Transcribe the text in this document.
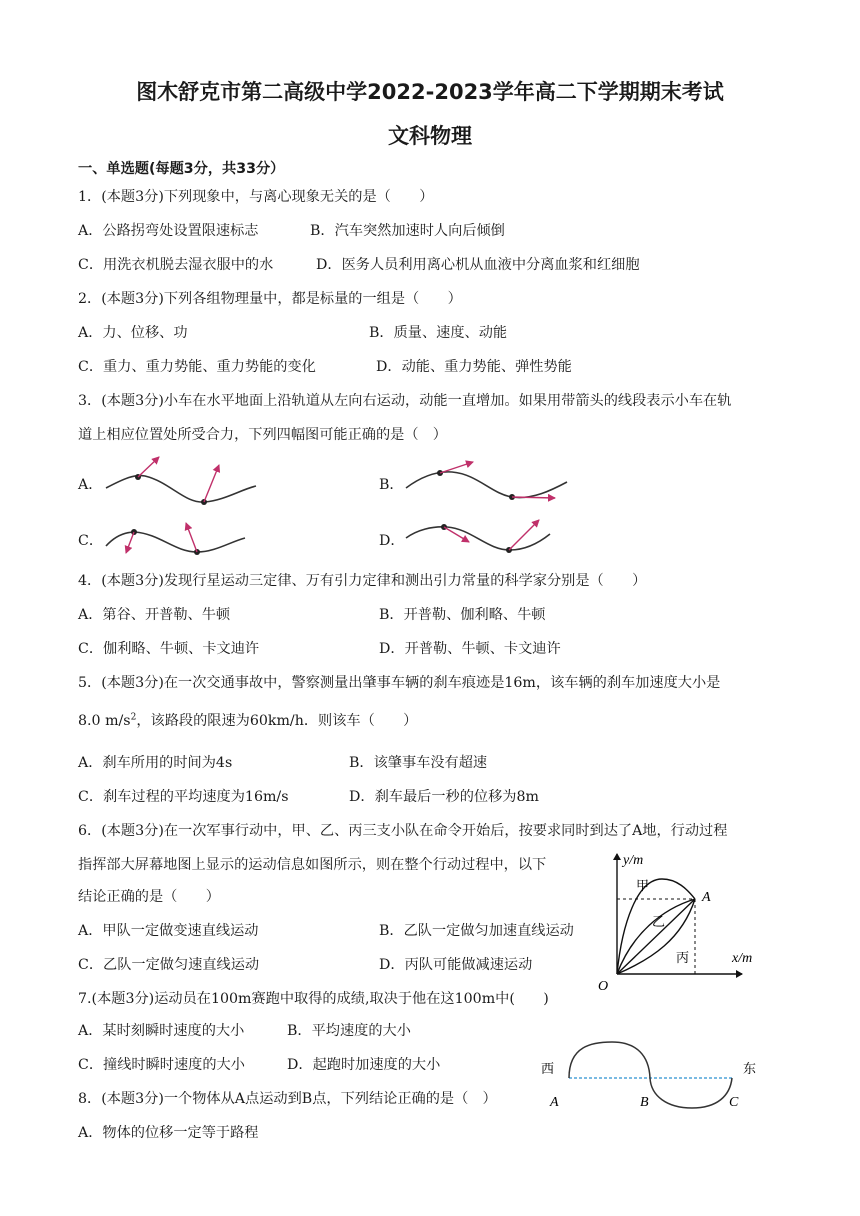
图木舒克市第二高级中学2022-2023学年高二下学期期末考试
文科物理
一、单选题(每题3分，共33分）
1．(本题3分)下列现象中，与离心现象无关的是（　　）
A．公路拐弯处设置限速标志	B．汽车突然加速时人向后倾倒
C．用洗衣机脱去湿衣服中的水	D．医务人员利用离心机从血液中分离血浆和红细胞
2．(本题3分)下列各组物理量中，都是标量的一组是（　　）
A．力、位移、功	B．质量、速度、动能
C．重力、重力势能、重力势能的变化	D．动能、重力势能、弹性势能
3．(本题3分)小车在水平地面上沿轨道从左向右运动，动能一直增加。如果用带箭头的线段表示小车在轨
道上相应位置处所受合力，下列四幅图可能正确的是（　）
A．	B．
C．	D．
4．(本题3分)发现行星运动三定律、万有引力定律和测出引力常量的科学家分别是（　　）
A．第谷、开普勒、牛顿	B．开普勒、伽利略、牛顿
C．伽利略、牛顿、卡文迪许	D．开普勒、牛顿、卡文迪许
5．(本题3分)在一次交通事故中，警察测量出肇事车辆的刹车痕迹是16m，该车辆的刹车加速度大小是
8.0 $m/s^2$，该路段的限速为60km/h．则该车（　　）
A．刹车所用的时间为4s	B．该肇事车没有超速
C．刹车过程的平均速度为16m/s	D．刹车最后一秒的位移为8m
6．(本题3分)在一次军事行动中，甲、乙、丙三支小队在命令开始后，按要求同时到达了A地，行动过程
指挥部大屏幕地图上显示的运动信息如图所示，则在整个行动过程中，以下
结论正确的是（　　）
A．甲队一定做变速直线运动	B．乙队一定做匀加速直线运动
C．乙队一定做匀速直线运动	D．丙队可能做减速运动
y/m
x/m
O
A
甲
乙
丙
7.(本题3分)运动员在100m赛跑中取得的成绩,取决于他在这100m中(　　)
A．某时刻瞬时速度的大小	B．平均速度的大小
C．撞线时瞬时速度的大小	D．起跑时加速度的大小
8．(本题3分)一个物体从A点运动到B点，下列结论正确的是（　）
A．物体的位移一定等于路程
西	东
A	B	C
